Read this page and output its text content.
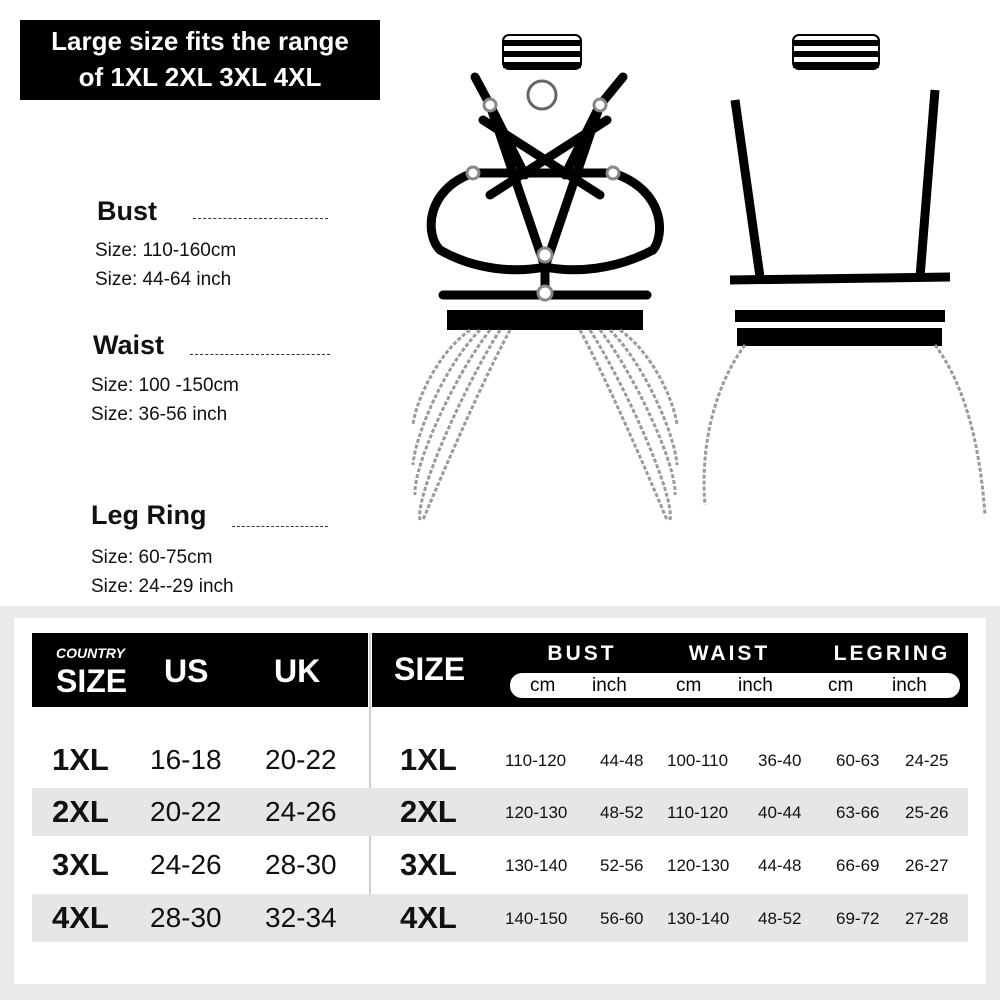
Large size fits the range
of 1XL 2XL 3XL 4XL
Bust
Size: 110-160cm
Size: 44-64 inch
Waist
Size: 100 -150cm
Size: 36-56 inch
Leg Ring
Size: 60-75cm
Size: 24--29 inch
COUNTRY
SIZE US UK SIZE	BUST	WAIST	LEGRING
cm inch	cm inch	cm inch
1XL 16-18 20-22 1XL	110-120 44-48 100-110 36-40 60-63 24-25
2XL 20-22 24-26 2XL	120-130 48-52 110-120 40-44 63-66 25-26
3XL 24-26 28-30 3XL	130-140 52-56 120-130 44-48 66-69 26-27
4XL 28-30 32-34 4XL	140-150 56-60 130-140 48-52 69-72 27-28
